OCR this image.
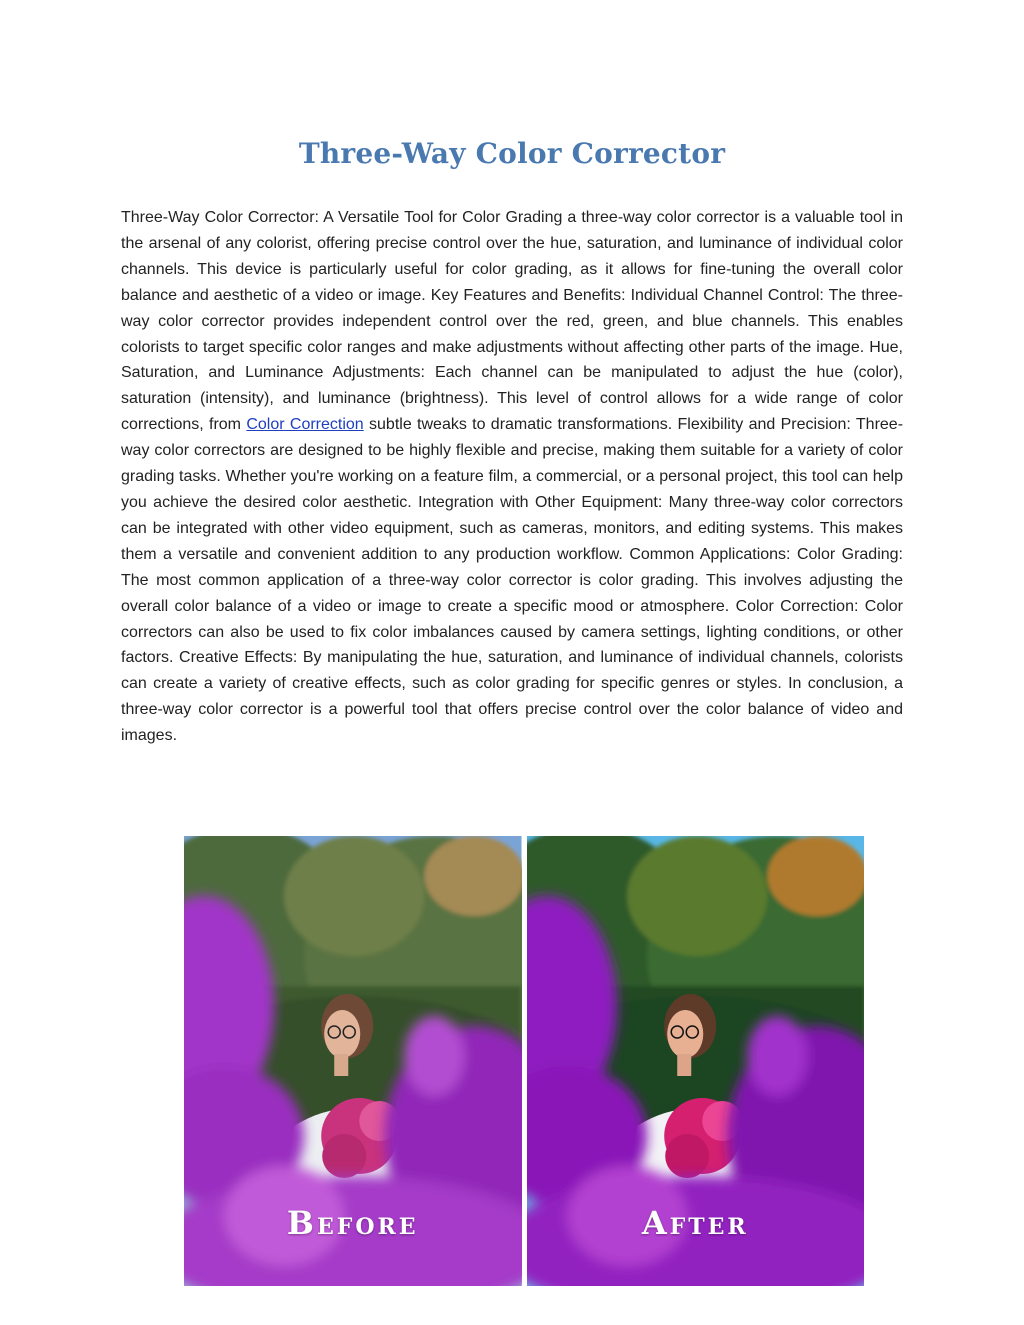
Three-Way Color Corrector
Three-Way Color Corrector: A Versatile Tool for Color Grading a three-way color corrector is a valuable tool in the arsenal of any colorist, offering precise control over the hue, saturation, and luminance of individual color channels. This device is particularly useful for color grading, as it allows for fine-tuning the overall color balance and aesthetic of a video or image. Key Features and Benefits: Individual Channel Control: The three-way color corrector provides independent control over the red, green, and blue channels. This enables colorists to target specific color ranges and make adjustments without affecting other parts of the image. Hue, Saturation, and Luminance Adjustments: Each channel can be manipulated to adjust the hue (color), saturation (intensity), and luminance (brightness). This level of control allows for a wide range of color corrections, from Color Correction subtle tweaks to dramatic transformations. Flexibility and Precision: Three-way color correctors are designed to be highly flexible and precise, making them suitable for a variety of color grading tasks. Whether you're working on a feature film, a commercial, or a personal project, this tool can help you achieve the desired color aesthetic. Integration with Other Equipment: Many three-way color correctors can be integrated with other video equipment, such as cameras, monitors, and editing systems. This makes them a versatile and convenient addition to any production workflow. Common Applications: Color Grading: The most common application of a three-way color corrector is color grading. This involves adjusting the overall color balance of a video or image to create a specific mood or atmosphere. Color Correction: Color correctors can also be used to fix color imbalances caused by camera settings, lighting conditions, or other factors. Creative Effects: By manipulating the hue, saturation, and luminance of individual channels, colorists can create a variety of creative effects, such as color grading for specific genres or styles. In conclusion, a three-way color corrector is a powerful tool that offers precise control over the color balance of video and images.
Before	After
